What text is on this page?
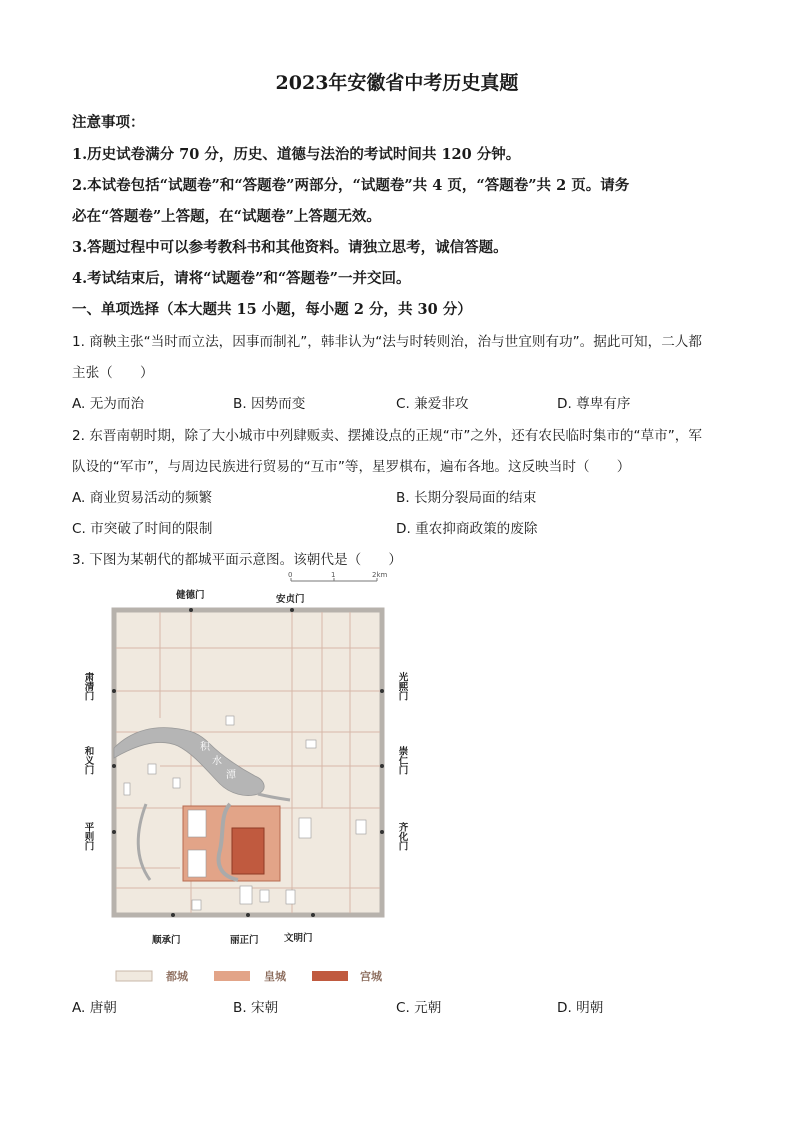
2023年安徽省中考历史真题
注意事项：
1.历史试卷满分 70 分，历史、道德与法治的考试时间共 120 分钟。
2.本试卷包括“试题卷”和“答题卷”两部分，“试题卷”共 4 页，“答题卷”共 2 页。请务
必在“答题卷”上答题，在“试题卷”上答题无效。
3.答题过程中可以参考教科书和其他资料。请独立思考，诚信答题。
4.考试结束后，请将“试题卷”和“答题卷”一并交回。
一、单项选择（本大题共 15 小题，每小题 2 分，共 30 分）
1. 商鞅主张“当时而立法，因事而制礼”，韩非认为“法与时转则治，治与世宜则有功”。据此可知，二人都
主张（　　）
A. 无为而治	B. 因势而变	C. 兼爱非攻	D. 尊卑有序
2. 东晋南朝时期，除了大小城市中列肆贩卖、摆摊设点的正规“市”之外，还有农民临时集市的“草市”，军
队设的“军市”，与周边民族进行贸易的“互市”等，星罗棋布，遍布各地。这反映当时（　　）
A. 商业贸易活动的频繁	B. 长期分裂局面的结束
C. 市突破了时间的限制	D. 重农抑商政策的废除
3. 下图为某朝代的都城平面示意图。该朝代是（　　）
0	1	2km
积
水
潭
健德门	安贞门
文明门
丽正门
顺承门
肃清门
和义门
平则门
光熙门
崇仁门
齐化门
都城	皇城	宫城
A. 唐朝	B. 宋朝	C. 元朝	D. 明朝
